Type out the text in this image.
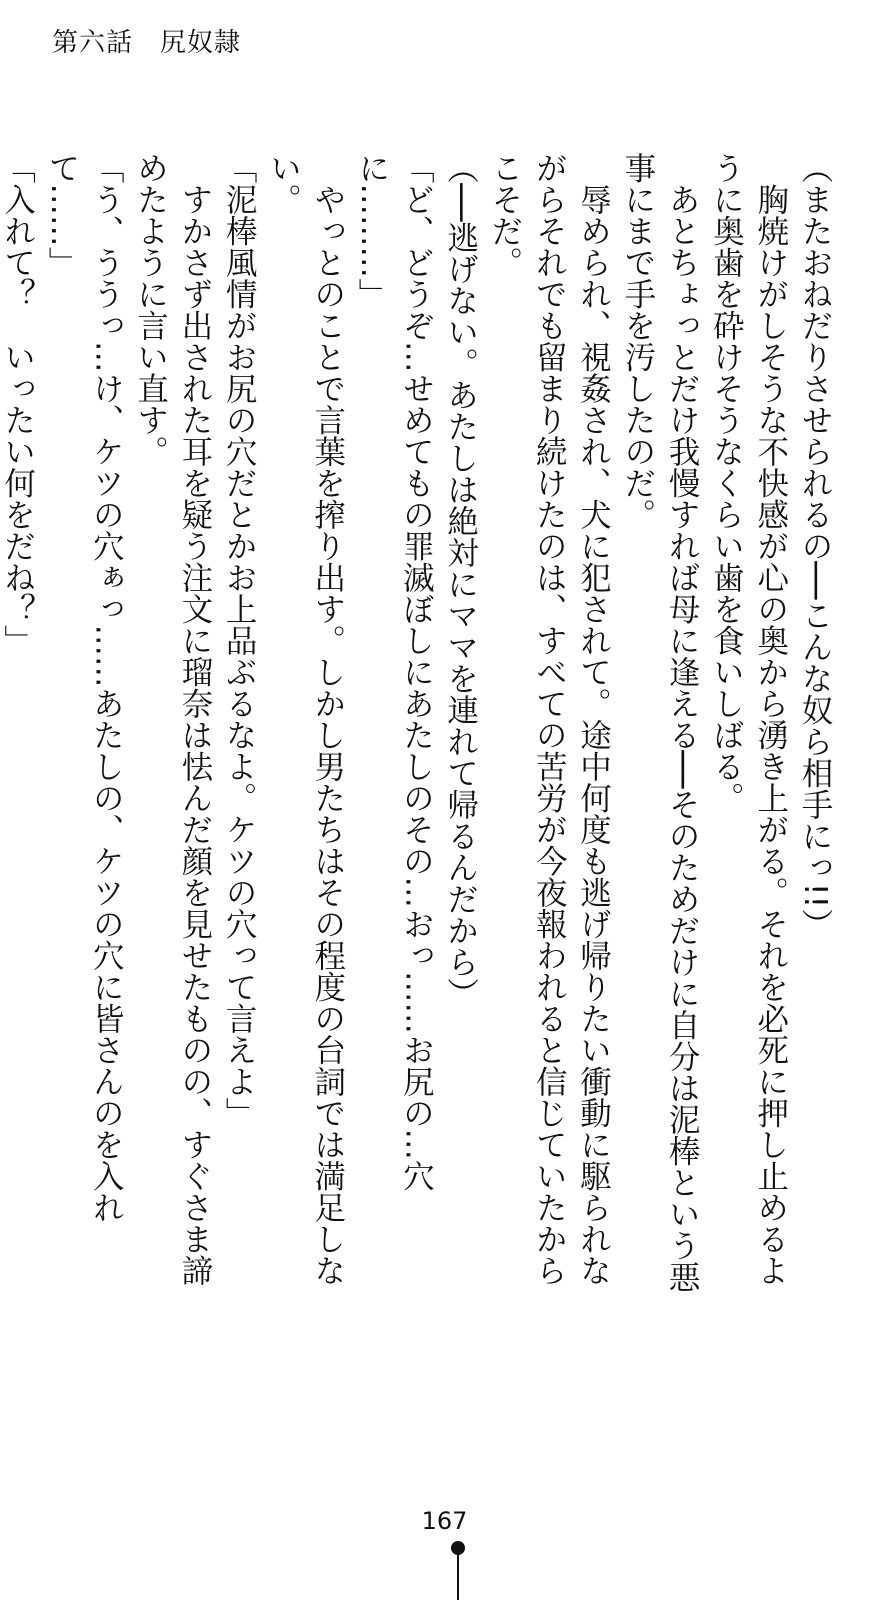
第六話　尻奴隷

（またおねだりさせられるの──こんな奴ら相手にっ!!）

　胸焼けがしそうな不快感が心の奥から湧き上がる。それを必死に押し止めるように奥歯を砕けそうなくらい歯を食いしばる。

　あとちょっとだけ我慢すれば母に逢える──そのためだけに自分は泥棒という悪事にまで手を汚したのだ。

　辱められ、視姦され、犬に犯されて。途中何度も逃げ帰りたい衝動に駆られながらそれでも留まり続けたのは、すべての苦労が今夜報われると信じていたからこそだ。

（──逃げない。あたしは絶対にママを連れて帰るんだから）

「ど、どうぞ…せめてもの罪滅ぼしにあたしのその…おっ……お尻の…穴に………」

　やっとのことで言葉を搾り出す。しかし男たちはその程度の台詞では満足しない。

「泥棒風情がお尻の穴だとかお上品ぶるなよ。ケツの穴って言えよ」

　すかさず出された耳を疑う注文に瑠奈は怯んだ顔を見せたものの、すぐさま諦めたように言い直す。

「う、ううっ…け、ケツの穴ぁっ……あたしの、ケツの穴に皆さんのを入れて……」

「入れて？　いったい何をだね？」

167
